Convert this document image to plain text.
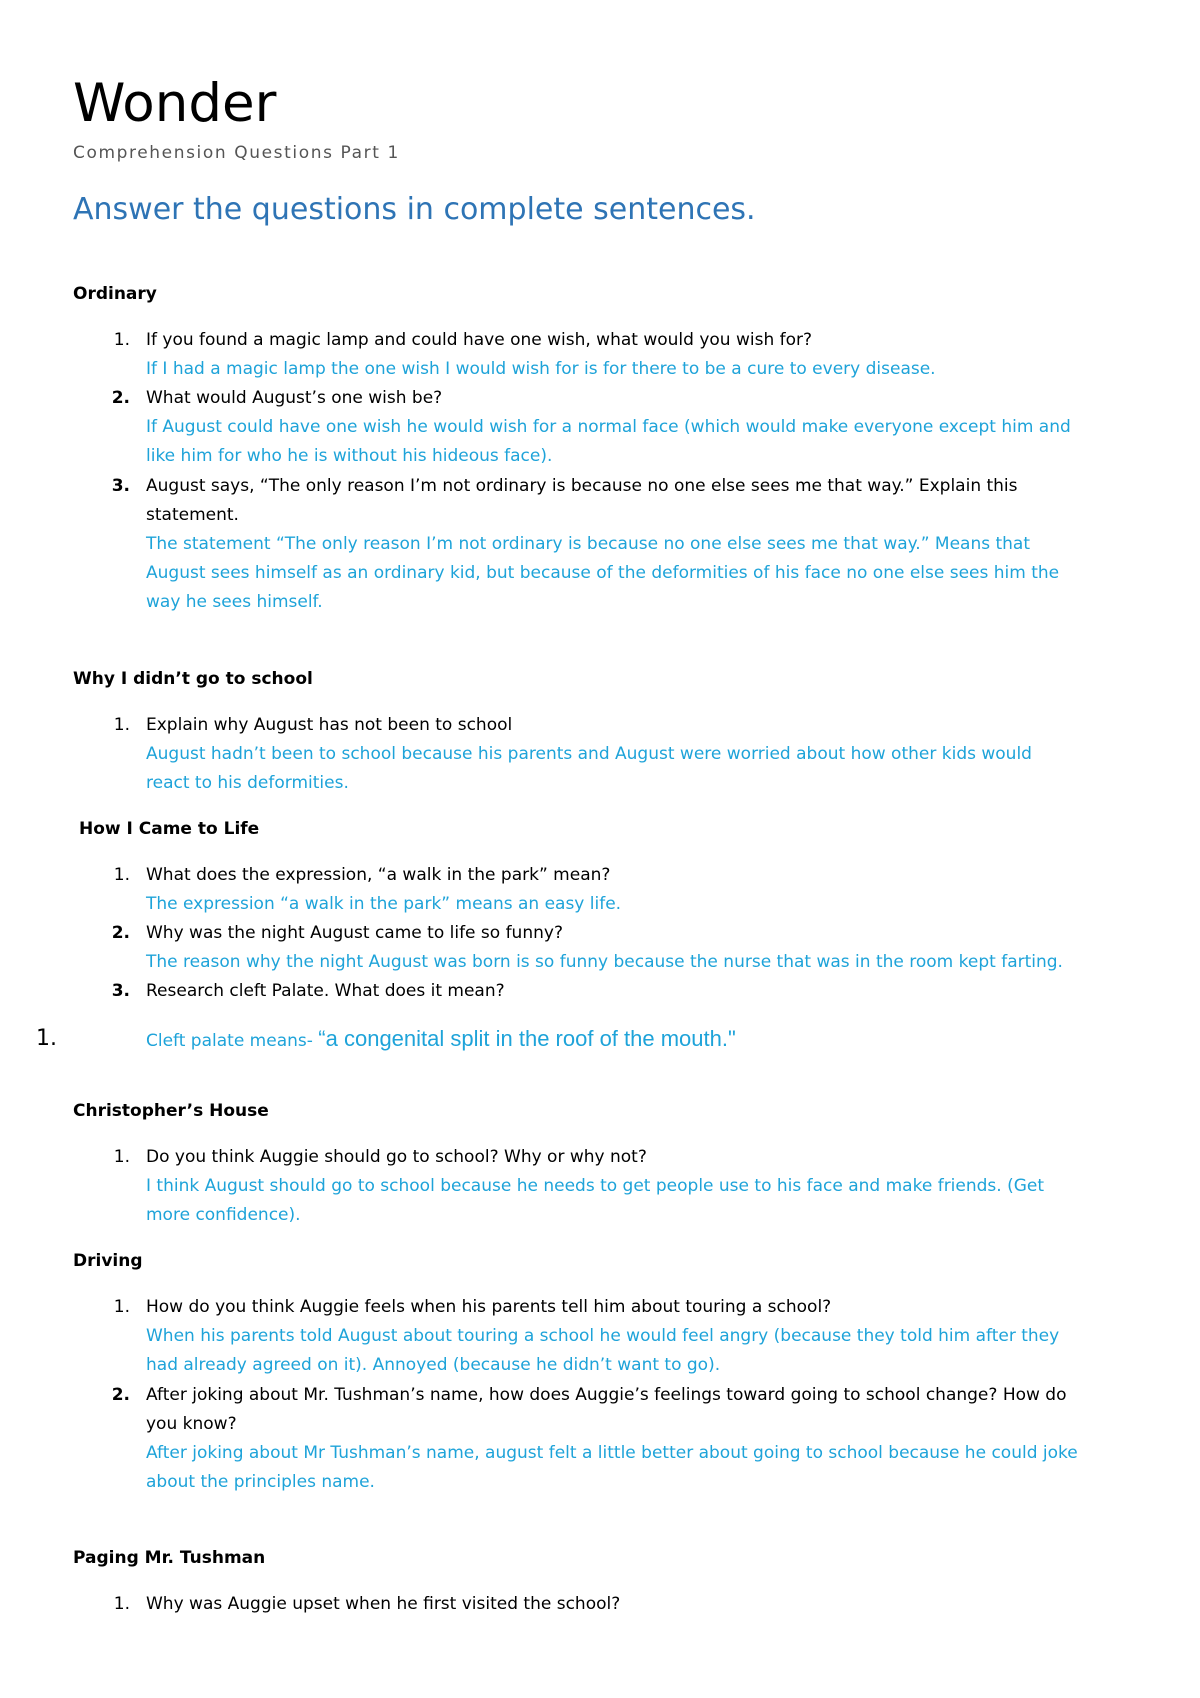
Wonder
Comprehension Questions Part 1
Answer the questions in complete sentences.
Ordinary
1. If you found a magic lamp and could have one wish, what would you wish for?
If I had a magic lamp the one wish I would wish for is for there to be a cure to every disease.
2. What would August’s one wish be?
If August could have one wish he would wish for a normal face (which would make everyone except him and
like him for who he is without his hideous face).
3. August says, “The only reason I’m not ordinary is because no one else sees me that way.” Explain this
statement.
The statement “The only reason I’m not ordinary is because no one else sees me that way.” Means that
August sees himself as an ordinary kid, but because of the deformities of his face no one else sees him the
way he sees himself.
Why I didn’t go to school
1. Explain why August has not been to school
August hadn’t been to school because his parents and August were worried about how other kids would
react to his deformities.
How I Came to Life
1. What does the expression, “a walk in the park” mean?
The expression “a walk in the park” means an easy life.
2. Why was the night August came to life so funny?
The reason why the night August was born is so funny because the nurse that was in the room kept farting.
3. Research cleft Palate. What does it mean?
1.	Cleft palate means- “a congenital split in the roof of the mouth."
Christopher’s House
1. Do you think Auggie should go to school? Why or why not?
I think August should go to school because he needs to get people use to his face and make friends. (Get
more confidence).
Driving
1. How do you think Auggie feels when his parents tell him about touring a school?
When his parents told August about touring a school he would feel angry (because they told him after they
had already agreed on it). Annoyed (because he didn’t want to go).
2. After joking about Mr. Tushman’s name, how does Auggie’s feelings toward going to school change? How do
you know?
After joking about Mr Tushman’s name, august felt a little better about going to school because he could joke
about the principles name.
Paging Mr. Tushman
1. Why was Auggie upset when he first visited the school?
